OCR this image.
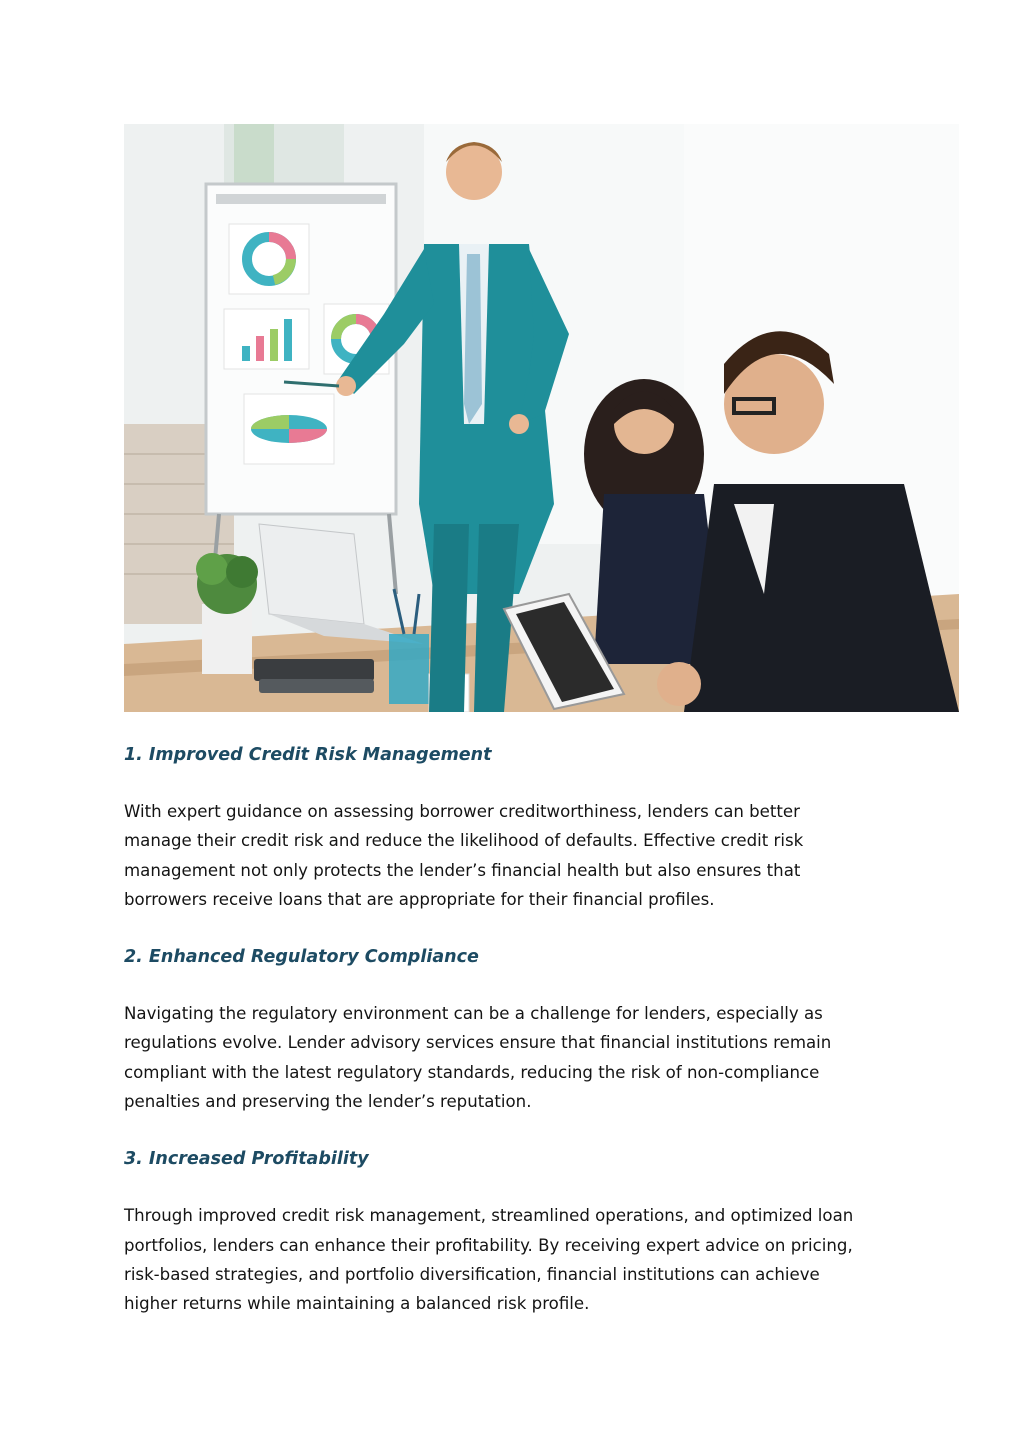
1. Improved Credit Risk Management

With expert guidance on assessing borrower creditworthiness, lenders can better
manage their credit risk and reduce the likelihood of defaults. Effective credit risk
management not only protects the lender’s financial health but also ensures that
borrowers receive loans that are appropriate for their financial profiles.

2. Enhanced Regulatory Compliance

Navigating the regulatory environment can be a challenge for lenders, especially as
regulations evolve. Lender advisory services ensure that financial institutions remain
compliant with the latest regulatory standards, reducing the risk of non-compliance
penalties and preserving the lender’s reputation.

3. Increased Profitability

Through improved credit risk management, streamlined operations, and optimized loan
portfolios, lenders can enhance their profitability. By receiving expert advice on pricing,
risk-based strategies, and portfolio diversification, financial institutions can achieve
higher returns while maintaining a balanced risk profile.
